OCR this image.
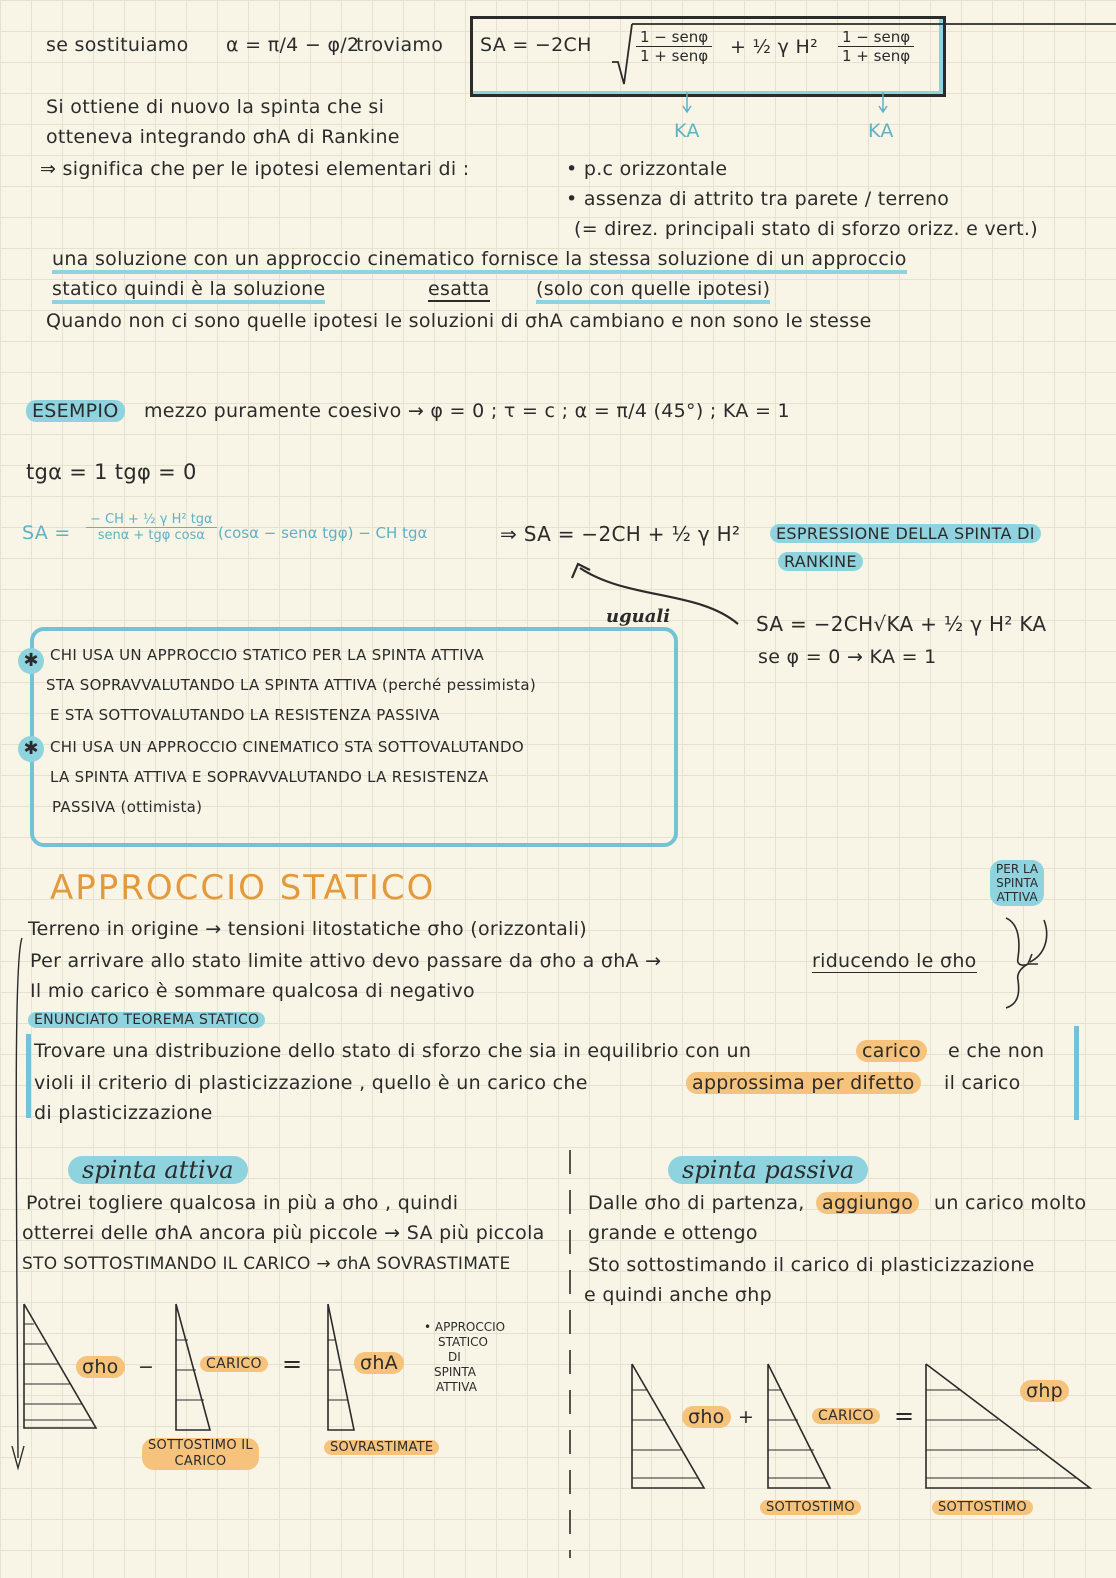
se sostituiamo α = π/4 − φ/2
troviamo SA = −2CH	$\frac{\text{1 − senφ}}{\text{1 + senφ}}$ + ½ γ $H^2 \frac{\text{1 − senφ}}{\text{1 + senφ}}$
KA	KA
Si ottiene di nuovo la spinta che si
otteneva integrando σhA di Rankine
⇒ significa che per le ipotesi elementari di :	• p.c orizzontale
• assenza di attrito tra parete / terreno
(= direz. principali stato di sforzo orizz. e vert.)
una soluzione con un approccio cinematico fornisce la stessa soluzione di un approccio
statico quindi è la soluzione	esatta (solo con quelle ipotesi)
Quando non ci sono quelle ipotesi le soluzioni di σhA cambiano e non sono le stesse
ESEMPIO	mezzo puramente coesivo → φ = 0 ; τ = c ; α = π/4 (45°) ; KA = 1
tgα = 1 tgφ = 0
SA =
− CH + ½ γ H² tgα
senα + tgφ cosα (cosα − senα tgφ) − CH tgα	⇒ SA = −2CH + ½ γ H²	ESPRESSIONE DELLA SPINTA DI
RANKINE
uguali	SA = −2CH√KA + ½ γ H² KA
se φ = 0 → KA = 1
✱
✱
CHI USA UN APPROCCIO STATICO PER LA SPINTA ATTIVA
STA SOPRAVVALUTANDO LA SPINTA ATTIVA (perché pessimista)
E STA SOTTOVALUTANDO LA RESISTENZA PASSIVA
CHI USA UN APPROCCIO CINEMATICO STA SOTTOVALUTANDO
LA SPINTA ATTIVA E SOPRAVVALUTANDO LA RESISTENZA
PASSIVA (ottimista)
APPROCCIO STATICO	PER LA
SPINTA
ATTIVA
Terreno in origine → tensioni litostatiche σho (orizzontali)
Per arrivare allo stato limite attivo devo passare da σho a σhA →	riducendo le σho
Il mio carico è sommare qualcosa di negativo
ENUNCIATO TEOREMA STATICO
Trovare una distribuzione dello stato di sforzo che sia in equilibrio con un	carico	e che non
violi il criterio di plasticizzazione , quello è un carico che	approssima per difetto	il carico
di plasticizzazione
spinta attiva
Potrei togliere qualcosa in più a σho , quindi
otterrei delle σhA ancora più piccole → SA più piccola
STO SOTTOSTIMANDO IL CARICO → σhA SOVRASTIMATE
σho	−	CARICO =	σhA
• APPROCCIO
STATICO
DI
SPINTA
ATTIVA
SOTTOSTIMO IL
CARICO
SOVRASTIMATE
spinta passiva
Dalle σho di partenza, aggiungo	un carico molto
grande e ottengo
Sto sottostimando il carico di plasticizzazione
e quindi anche σhp
σho +	CARICO =
σhp
SOTTOSTIMO	SOTTOSTIMO
